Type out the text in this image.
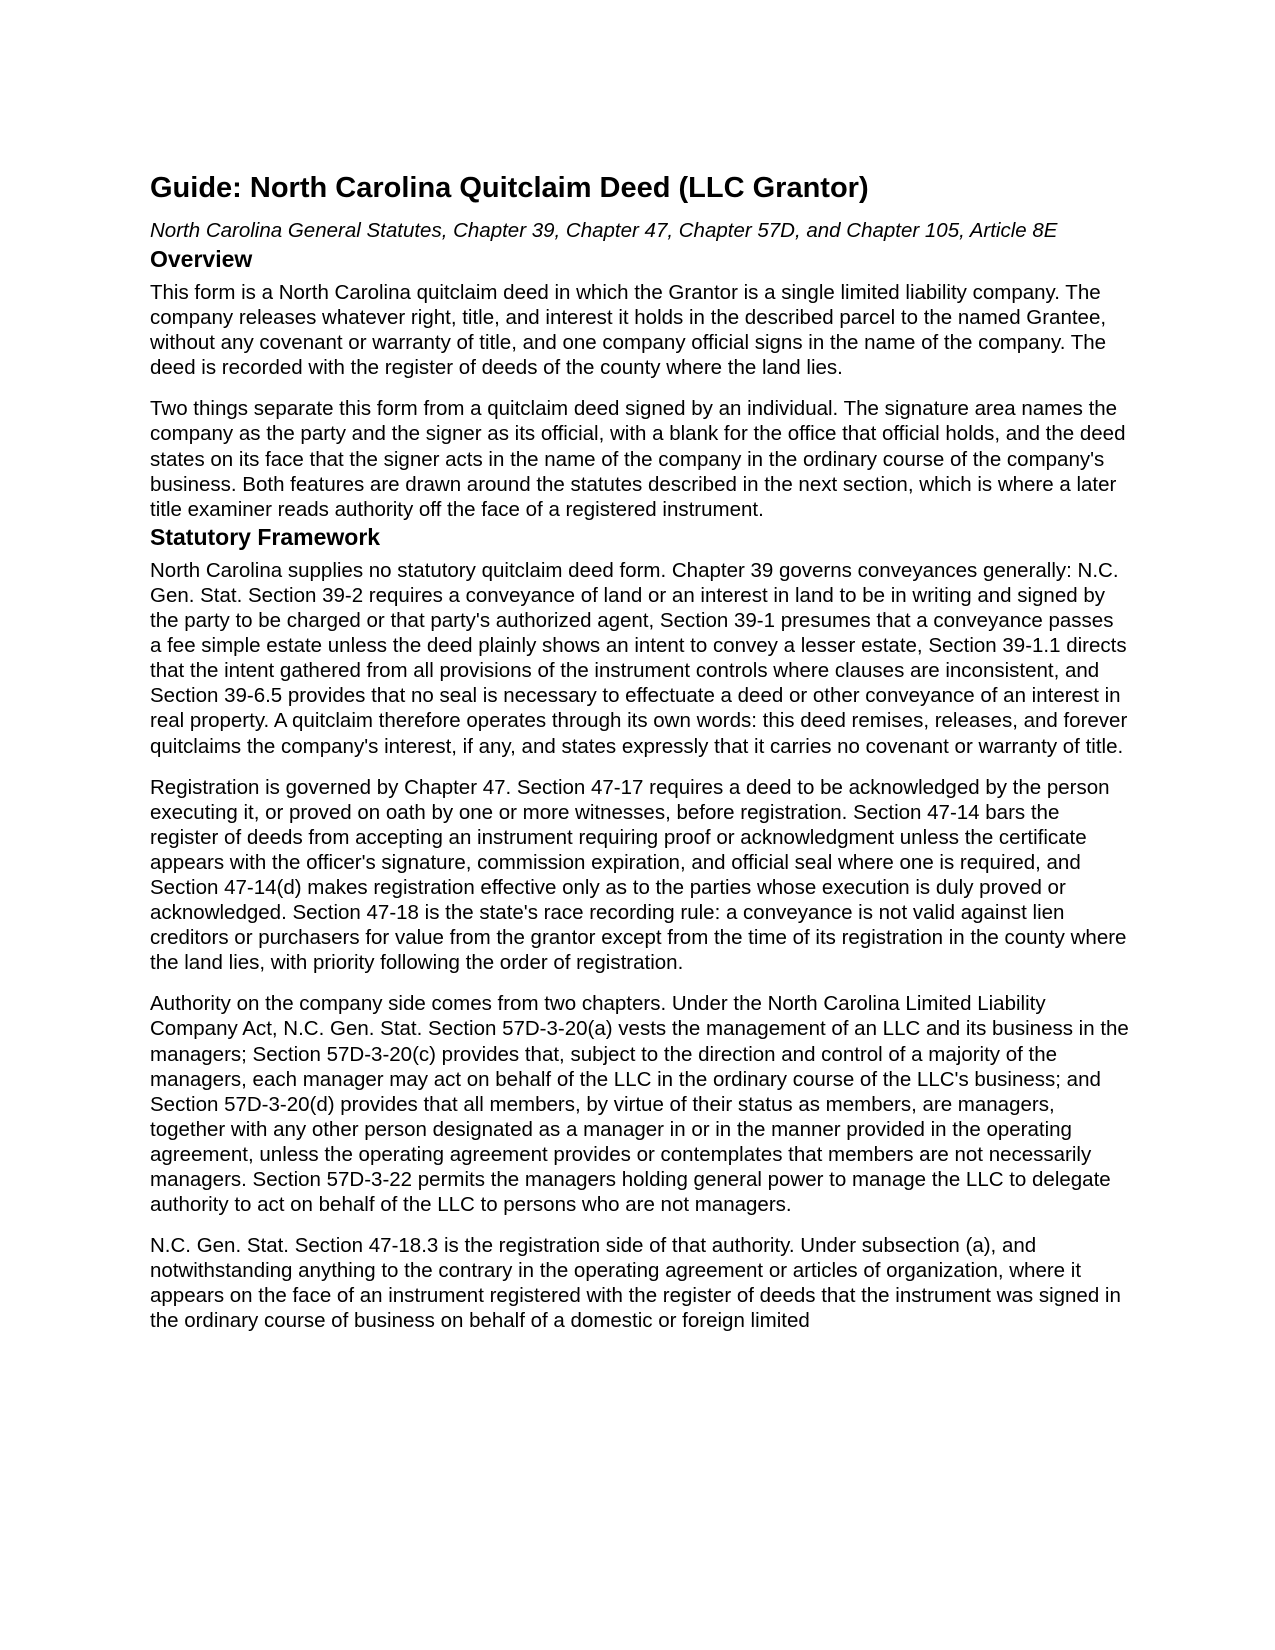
Guide: North Carolina Quitclaim Deed (LLC Grantor)

North Carolina General Statutes, Chapter 39, Chapter 47, Chapter 57D, and Chapter 105, Article 8E

Overview

This form is a North Carolina quitclaim deed in which the Grantor is a single limited liability company. The company releases whatever right, title, and interest it holds in the described parcel to the named Grantee, without any covenant or warranty of title, and one company official signs in the name of the company. The deed is recorded with the register of deeds of the county where the land lies.

Two things separate this form from a quitclaim deed signed by an individual. The signature area names the company as the party and the signer as its official, with a blank for the office that official holds, and the deed states on its face that the signer acts in the name of the company in the ordinary course of the company's business. Both features are drawn around the statutes described in the next section, which is where a later title examiner reads authority off the face of a registered instrument.

Statutory Framework

North Carolina supplies no statutory quitclaim deed form. Chapter 39 governs conveyances generally: N.C. Gen. Stat. Section 39-2 requires a conveyance of land or an interest in land to be in writing and signed by the party to be charged or that party's authorized agent, Section 39-1 presumes that a conveyance passes a fee simple estate unless the deed plainly shows an intent to convey a lesser estate, Section 39-1.1 directs that the intent gathered from all provisions of the instrument controls where clauses are inconsistent, and Section 39-6.5 provides that no seal is necessary to effectuate a deed or other conveyance of an interest in real property. A quitclaim therefore operates through its own words: this deed remises, releases, and forever quitclaims the company's interest, if any, and states expressly that it carries no covenant or warranty of title.

Registration is governed by Chapter 47. Section 47-17 requires a deed to be acknowledged by the person executing it, or proved on oath by one or more witnesses, before registration. Section 47-14 bars the register of deeds from accepting an instrument requiring proof or acknowledgment unless the certificate appears with the officer's signature, commission expiration, and official seal where one is required, and Section 47-14(d) makes registration effective only as to the parties whose execution is duly proved or acknowledged. Section 47-18 is the state's race recording rule: a conveyance is not valid against lien creditors or purchasers for value from the grantor except from the time of its registration in the county where the land lies, with priority following the order of registration.

Authority on the company side comes from two chapters. Under the North Carolina Limited Liability Company Act, N.C. Gen. Stat. Section 57D-3-20(a) vests the management of an LLC and its business in the managers; Section 57D-3-20(c) provides that, subject to the direction and control of a majority of the managers, each manager may act on behalf of the LLC in the ordinary course of the LLC's business; and Section 57D-3-20(d) provides that all members, by virtue of their status as members, are managers, together with any other person designated as a manager in or in the manner provided in the operating agreement, unless the operating agreement provides or contemplates that members are not necessarily managers. Section 57D-3-22 permits the managers holding general power to manage the LLC to delegate authority to act on behalf of the LLC to persons who are not managers.

N.C. Gen. Stat. Section 47-18.3 is the registration side of that authority. Under subsection (a), and notwithstanding anything to the contrary in the operating agreement or articles of organization, where it appears on the face of an instrument registered with the register of deeds that the instrument was signed in the ordinary course of business on behalf of a domestic or foreign limited
